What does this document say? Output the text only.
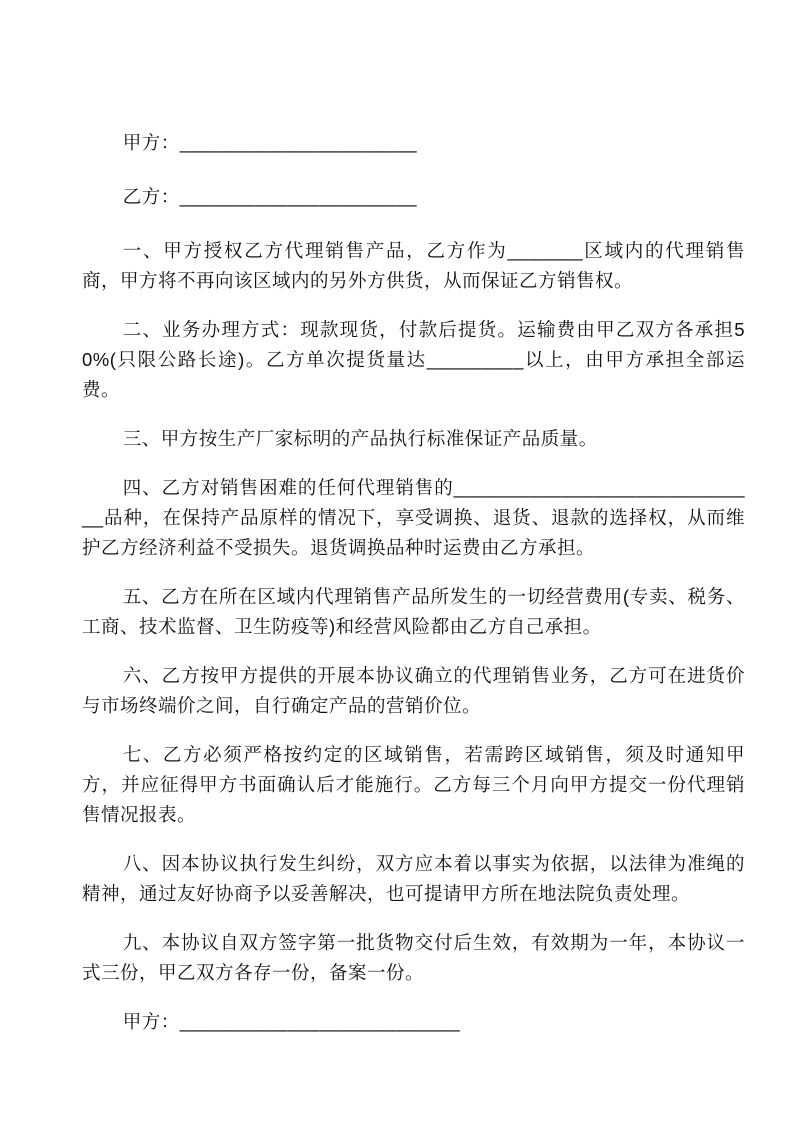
甲方：______________________

乙方：______________________

一、甲方授权乙方代理销售产品，乙方作为_______区域内的代理销售商，甲方将不再向该区域内的另外方供货，从而保证乙方销售权。

二、业务办理方式：现款现货，付款后提货。运输费由甲乙双方各承担50%(只限公路长途)。乙方单次提货量达_________以上，由甲方承担全部运费。

三、甲方按生产厂家标明的产品执行标准保证产品质量。

四、乙方对销售困难的任何代理销售的_____________________________品种，在保持产品原样的情况下，享受调换、退货、退款的选择权，从而维护乙方经济利益不受损失。退货调换品种时运费由乙方承担。

五、乙方在所在区域内代理销售产品所发生的一切经营费用(专卖、税务、工商、技术监督、卫生防疫等)和经营风险都由乙方自己承担。

六、乙方按甲方提供的开展本协议确立的代理销售业务，乙方可在进货价与市场终端价之间，自行确定产品的营销价位。

七、乙方必须严格按约定的区域销售，若需跨区域销售，须及时通知甲方，并应征得甲方书面确认后才能施行。乙方每三个月向甲方提交一份代理销售情况报表。

八、因本协议执行发生纠纷，双方应本着以事实为依据，以法律为准绳的精神，通过友好协商予以妥善解决，也可提请甲方所在地法院负责处理。

九、本协议自双方签字第一批货物交付后生效，有效期为一年，本协议一式三份，甲乙双方各存一份，备案一份。

甲方：__________________________
